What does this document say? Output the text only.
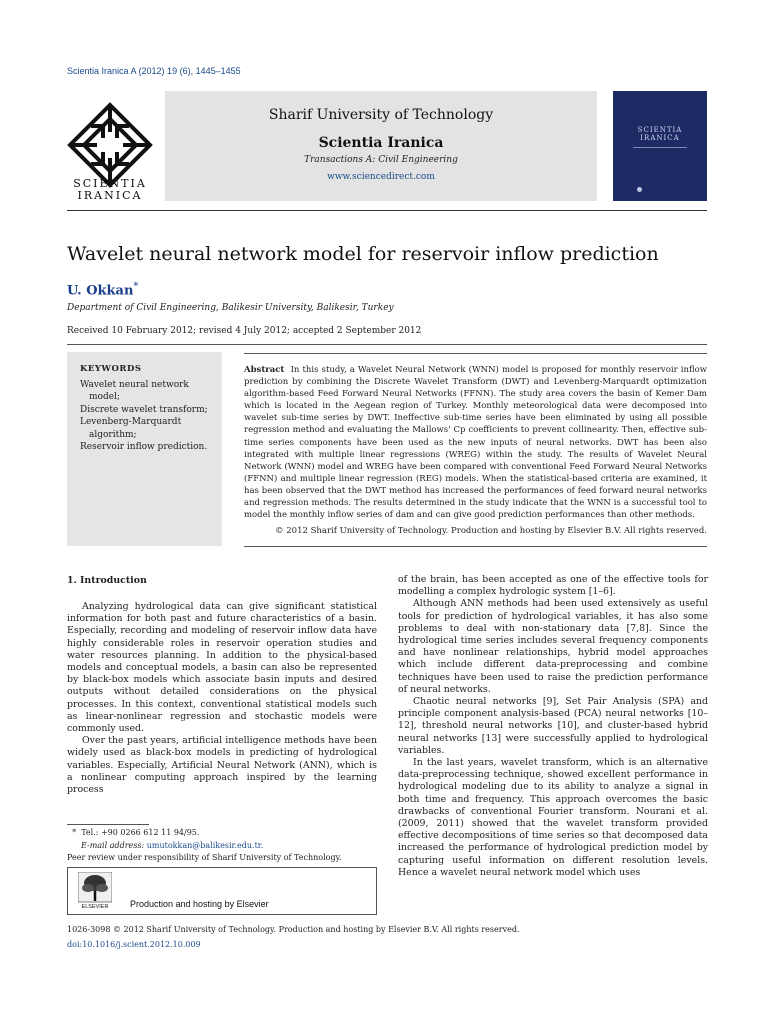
Scientia Iranica A (2012) 19 (6), 1445–1455
SCIENTIA
IRANICA
Sharif University of Technology
Scientia Iranica
Transactions A: Civil Engineering
www.sciencedirect.com
SCIENTIA
IRANICA
Wavelet neural network model for reservoir inflow prediction
U. Okkan*
Department of Civil Engineering, Balikesir University, Balikesir, Turkey
Received 10 February 2012; revised 4 July 2012; accepted 2 September 2012
KEYWORDS
Wavelet neural network model;
Discrete wavelet transform;
Levenberg-Marquardt algorithm;
Reservoir inflow prediction.
Abstract In this study, a Wavelet Neural Network (WNN) model is proposed for monthly reservoir inflow prediction by combining the Discrete Wavelet Transform (DWT) and Levenberg-Marquardt optimization algorithm-based Feed Forward Neural Networks (FFNN). The study area covers the basin of Kemer Dam which is located in the Aegean region of Turkey. Monthly meteorological data were decomposed into wavelet sub-time series by DWT. Ineffective sub-time series have been eliminated by using all possible regression method and evaluating the Mallows' Cp coefficients to prevent collinearity. Then, effective sub-time series components have been used as the new inputs of neural networks. DWT has been also integrated with multiple linear regressions (WREG) within the study. The results of Wavelet Neural Network (WNN) model and WREG have been compared with conventional Feed Forward Neural Networks (FFNN) and multiple linear regression (REG) models. When the statistical-based criteria are examined, it has been observed that the DWT method has increased the performances of feed forward neural networks and regression methods. The results determined in the study indicate that the WNN is a successful tool to model the monthly inflow series of dam and can give good prediction performances than other methods.
© 2012 Sharif University of Technology. Production and hosting by Elsevier B.V. All rights reserved.
1. Introduction

Analyzing hydrological data can give significant statistical information for both past and future characteristics of a basin. Especially, recording and modeling of reservoir inflow data have highly considerable roles in reservoir operation studies and water resources planning. In addition to the physical-based models and conceptual models, a basin can also be represented by black-box models which associate basin inputs and desired outputs without detailed considerations on the physical processes. In this context, conventional statistical models such as linear-nonlinear regression and stochastic models were commonly used.

Over the past years, artificial intelligence methods have been widely used as black-box models in predicting of hydrological variables. Especially, Artificial Neural Network (ANN), which is a nonlinear computing approach inspired by the learning process

of the brain, has been accepted as one of the effective tools for modelling a complex hydrologic system [1–6].

Although ANN methods had been used extensively as useful tools for prediction of hydrological variables, it has also some problems to deal with non-stationary data [7,8]. Since the hydrological time series includes several frequency components and have nonlinear relationships, hybrid model approaches which include different data-preprocessing and combine techniques have been used to raise the prediction performance of neural networks.

Chaotic neural networks [9], Set Pair Analysis (SPA) and principle component analysis-based (PCA) neural networks [10–12], threshold neural networks [10], and cluster-based hybrid neural networks [13] were successfully applied to hydrological variables.

In the last years, wavelet transform, which is an alternative data-preprocessing technique, showed excellent performance in hydrological modeling due to its ability to analyze a signal in both time and frequency. This approach overcomes the basic drawbacks of conventional Fourier transform. Nourani et al. (2009, 2011) showed that the wavelet transform provided effective decompositions of time series so that decomposed data increased the performance of hydrological prediction model by capturing useful information on different resolution levels. Hence a wavelet neural network model which uses

* Tel.: +90 0266 612 11 94/95.
E-mail address: umutokkan@balikesir.edu.tr.
Peer review under responsibility of Sharif University of Technology.
ELSEVIER Production and hosting by Elsevier
1026-3098 © 2012 Sharif University of Technology. Production and hosting by Elsevier B.V. All rights reserved.
doi:10.1016/j.scient.2012.10.009
